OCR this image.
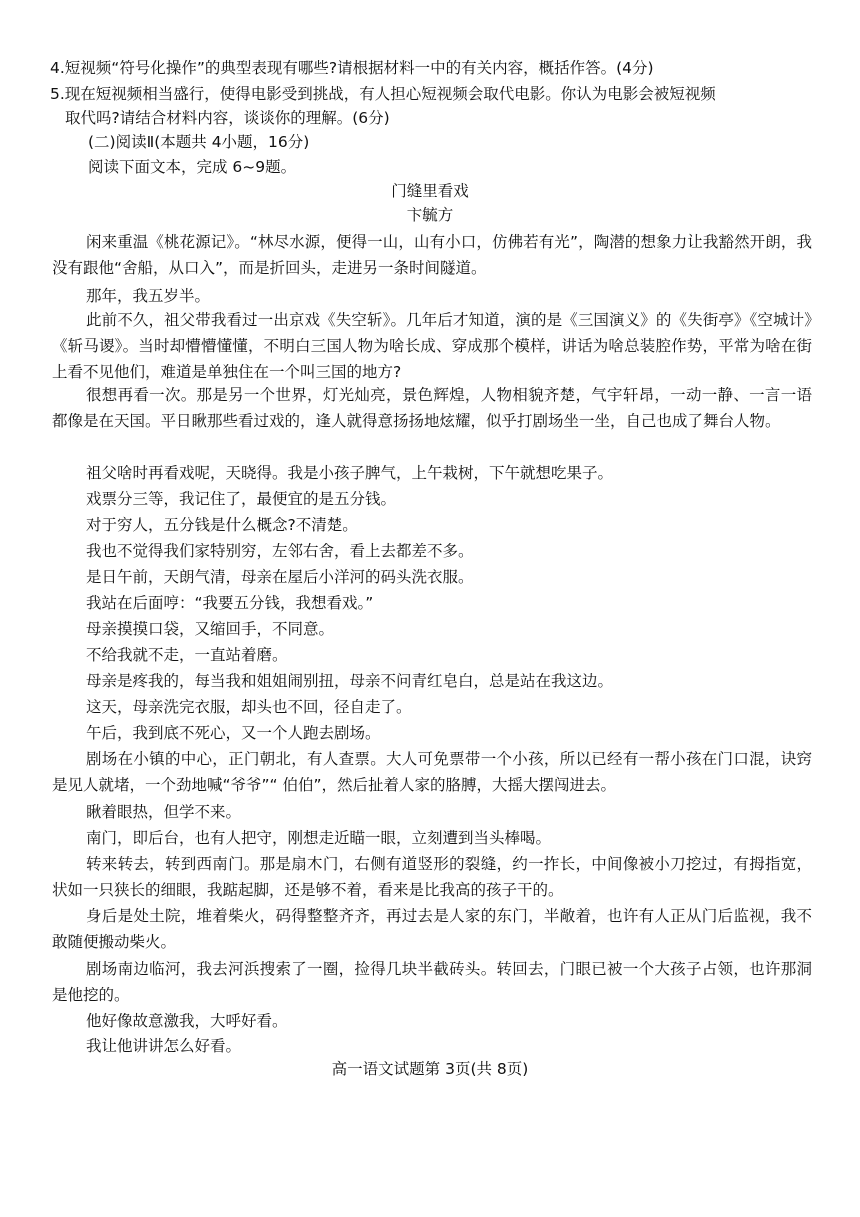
4.短视频“符号化操作”的典型表现有哪些?请根据材料一中的有关内容，概括作答。(4分)
5.现在短视频相当盛行，使得电影受到挑战，有人担心短视频会取代电影。你认为电影会被短视频
取代吗?请结合材料内容，谈谈你的理解。(6分)
(二)阅读Ⅱ(本题共 4小题，16分)
阅读下面文本，完成 6~9题。
门缝里看戏
卞毓方
闲来重温《桃花源记》。“林尽水源，便得一山，山有小口，仿佛若有光”，陶潜的想象力让我豁然开朗，我没有跟他“舍船，从口入”，而是折回头，走进另一条时间隧道。
那年，我五岁半。
此前不久，祖父带我看过一出京戏《失空斩》。几年后才知道，演的是《三国演义》的《失街亭》《空城计》《斩马谡》。当时却懵懵懂懂，不明白三国人物为啥长成、穿成那个模样，讲话为啥总装腔作势，平常为啥在街上看不见他们，难道是单独住在一个叫三国的地方?
很想再看一次。那是另一个世界，灯光灿亮，景色辉煌，人物相貌齐楚，气宇轩昂，一动一静、一言一语都像是在天国。平日瞅那些看过戏的，逢人就得意扬扬地炫耀，似乎打剧场坐一坐，自己也成了舞台人物。
祖父啥时再看戏呢，天晓得。我是小孩子脾气，上午栽树，下午就想吃果子。
戏票分三等，我记住了，最便宜的是五分钱。
对于穷人，五分钱是什么概念?不清楚。
我也不觉得我们家特别穷，左邻右舍，看上去都差不多。
是日午前，天朗气清，母亲在屋后小洋河的码头洗衣服。
我站在后面哼：“我要五分钱，我想看戏。”
母亲摸摸口袋，又缩回手，不同意。
不给我就不走，一直站着磨。
母亲是疼我的，每当我和姐姐闹别扭，母亲不问青红皂白，总是站在我这边。
这天，母亲洗完衣服，却头也不回，径自走了。
午后，我到底不死心，又一个人跑去剧场。
剧场在小镇的中心，正门朝北，有人查票。大人可免票带一个小孩，所以已经有一帮小孩在门口混，诀窍是见人就堵，一个劲地喊“爷爷”“ 伯伯”，然后扯着人家的胳膊，大摇大摆闯进去。
瞅着眼热，但学不来。
南门，即后台，也有人把守，刚想走近瞄一眼，立刻遭到当头棒喝。
转来转去，转到西南门。那是扇木门，右侧有道竖形的裂缝，约一拃长，中间像被小刀挖过，有拇指宽，状如一只狭长的细眼，我踮起脚，还是够不着，看来是比我高的孩子干的。
身后是处土院，堆着柴火，码得整整齐齐，再过去是人家的东门，半敞着，也许有人正从门后监视，我不敢随便搬动柴火。
剧场南边临河，我去河浜搜索了一圈，捡得几块半截砖头。转回去，门眼已被一个大孩子占领，也许那洞是他挖的。
他好像故意激我，大呼好看。
我让他讲讲怎么好看。
高一语文试题第 3页(共 8页)
